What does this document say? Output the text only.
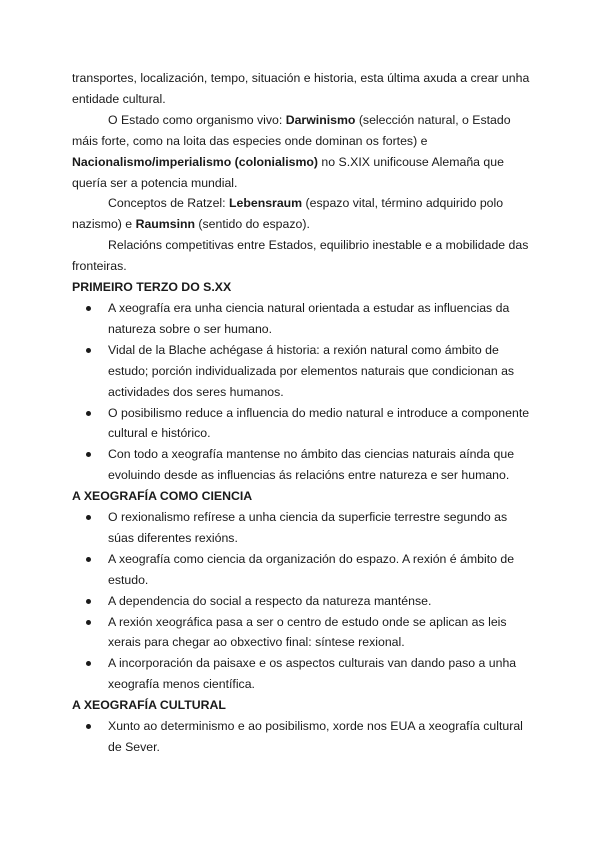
transportes, localización, tempo, situación e historia, esta última axuda a crear unha entidade cultural.

O Estado como organismo vivo: Darwinismo (selección natural, o Estado máis forte, como na loita das especies onde dominan os fortes) e Nacionalismo/imperialismo (colonialismo) no S.XIX unificouse Alemaña que quería ser a potencia mundial.

Conceptos de Ratzel: Lebensraum (espazo vital, término adquirido polo nazismo) e Raumsinn (sentido do espazo).

Relacións competitivas entre Estados, equilibrio inestable e a mobilidade das fronteiras.

PRIMEIRO TERZO DO S.XX
A xeografía era unha ciencia natural orientada a estudar as influencias da natureza sobre o ser humano.
Vidal de la Blache achégase á historia: a rexión natural como ámbito de estudo; porción individualizada por elementos naturais que condicionan as actividades dos seres humanos.
O posibilismo reduce a influencia do medio natural e introduce a componente cultural e histórico.
Con todo a xeografía mantense no ámbito das ciencias naturais aínda que evoluindo desde as influencias ás relacións entre natureza e ser humano.
A XEOGRAFÍA COMO CIENCIA
O rexionalismo refírese a unha ciencia da superficie terrestre segundo as súas diferentes rexións.
A xeografía como ciencia da organización do espazo. A rexión é ámbito de estudo.
A dependencia do social a respecto da natureza manténse.
A rexión xeográfica pasa a ser o centro de estudo onde se aplican as leis xerais para chegar ao obxectivo final: síntese rexional.
A incorporación da paisaxe e os aspectos culturais van dando paso a unha xeografía menos científica.
A XEOGRAFÍA CULTURAL
Xunto ao determinismo e ao posibilismo, xorde nos EUA a xeografía cultural de Sever.
